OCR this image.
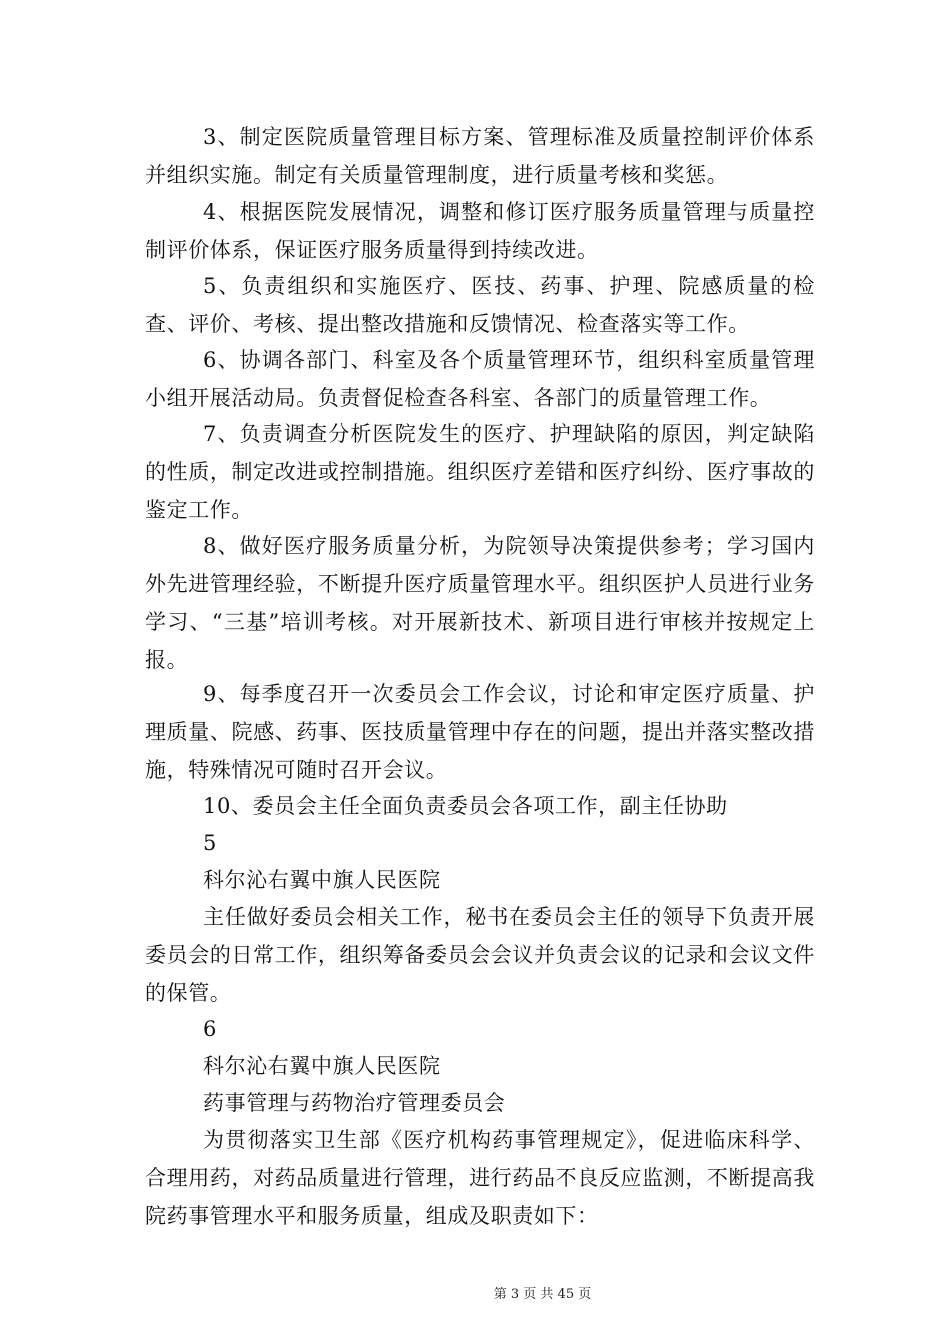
3、制定医院质量管理目标方案、管理标准及质量控制评价体系并组织实施。制定有关质量管理制度，进行质量考核和奖惩。

4、根据医院发展情况，调整和修订医疗服务质量管理与质量控制评价体系，保证医疗服务质量得到持续改进。

5、负责组织和实施医疗、医技、药事、护理、院感质量的检查、评价、考核、提出整改措施和反馈情况、检查落实等工作。

6、协调各部门、科室及各个质量管理环节，组织科室质量管理小组开展活动局。负责督促检查各科室、各部门的质量管理工作。

7、负责调查分析医院发生的医疗、护理缺陷的原因，判定缺陷的性质，制定改进或控制措施。组织医疗差错和医疗纠纷、医疗事故的鉴定工作。

8、做好医疗服务质量分析，为院领导决策提供参考；学习国内外先进管理经验，不断提升医疗质量管理水平。组织医护人员进行业务学习、“三基”培训考核。对开展新技术、新项目进行审核并按规定上报。

9、每季度召开一次委员会工作会议，讨论和审定医疗质量、护理质量、院感、药事、医技质量管理中存在的问题，提出并落实整改措施，特殊情况可随时召开会议。

10、委员会主任全面负责委员会各项工作，副主任协助

5

科尔沁右翼中旗人民医院

主任做好委员会相关工作，秘书在委员会主任的领导下负责开展委员会的日常工作，组织筹备委员会会议并负责会议的记录和会议文件的保管。

6

科尔沁右翼中旗人民医院

药事管理与药物治疗管理委员会

为贯彻落实卫生部《医疗机构药事管理规定》，促进临床科学、合理用药，对药品质量进行管理，进行药品不良反应监测，不断提高我院药事管理水平和服务质量，组成及职责如下：

第 3 页 共 45 页
